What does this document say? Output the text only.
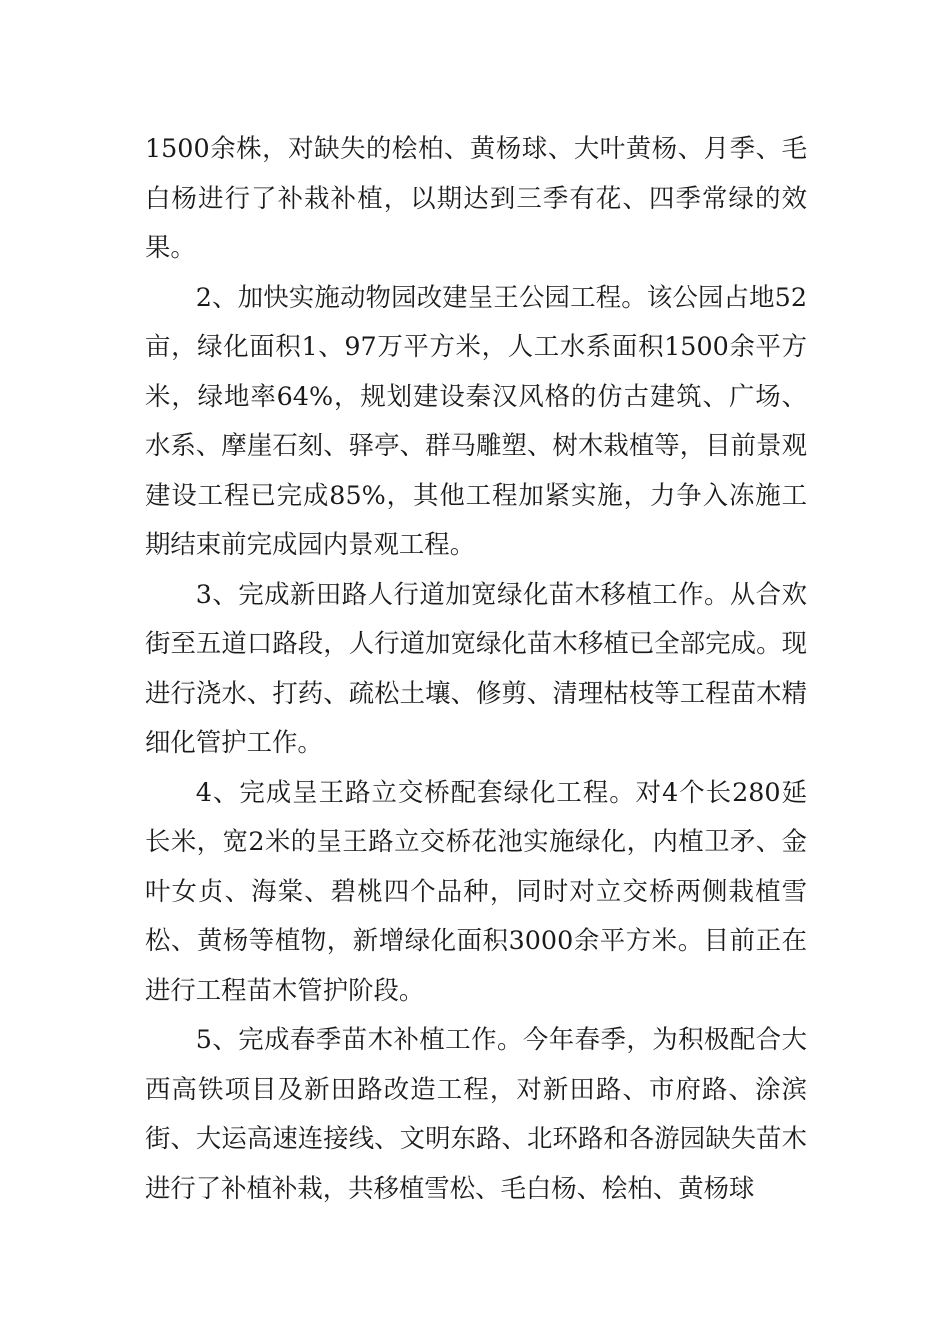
1500余株，对缺失的桧柏、黄杨球、大叶黄杨、月季、毛白杨进行了补栽补植，以期达到三季有花、四季常绿的效果。

2、加快实施动物园改建呈王公园工程。该公园占地52亩，绿化面积1、97万平方米，人工水系面积1500余平方米，绿地率64%，规划建设秦汉风格的仿古建筑、广场、水系、摩崖石刻、驿亭、群马雕塑、树木栽植等，目前景观建设工程已完成85%，其他工程加紧实施，力争入冻施工期结束前完成园内景观工程。

3、完成新田路人行道加宽绿化苗木移植工作。从合欢街至五道口路段，人行道加宽绿化苗木移植已全部完成。现进行浇水、打药、疏松土壤、修剪、清理枯枝等工程苗木精细化管护工作。

4、完成呈王路立交桥配套绿化工程。对4个长280延长米，宽2米的呈王路立交桥花池实施绿化，内植卫矛、金叶女贞、海棠、碧桃四个品种，同时对立交桥两侧栽植雪松、黄杨等植物，新增绿化面积3000余平方米。目前正在进行工程苗木管护阶段。

5、完成春季苗木补植工作。今年春季，为积极配合大西高铁项目及新田路改造工程，对新田路、市府路、涂滨街、大运高速连接线、文明东路、北环路和各游园缺失苗木进行了补植补栽，共移植雪松、毛白杨、桧柏、黄杨球
